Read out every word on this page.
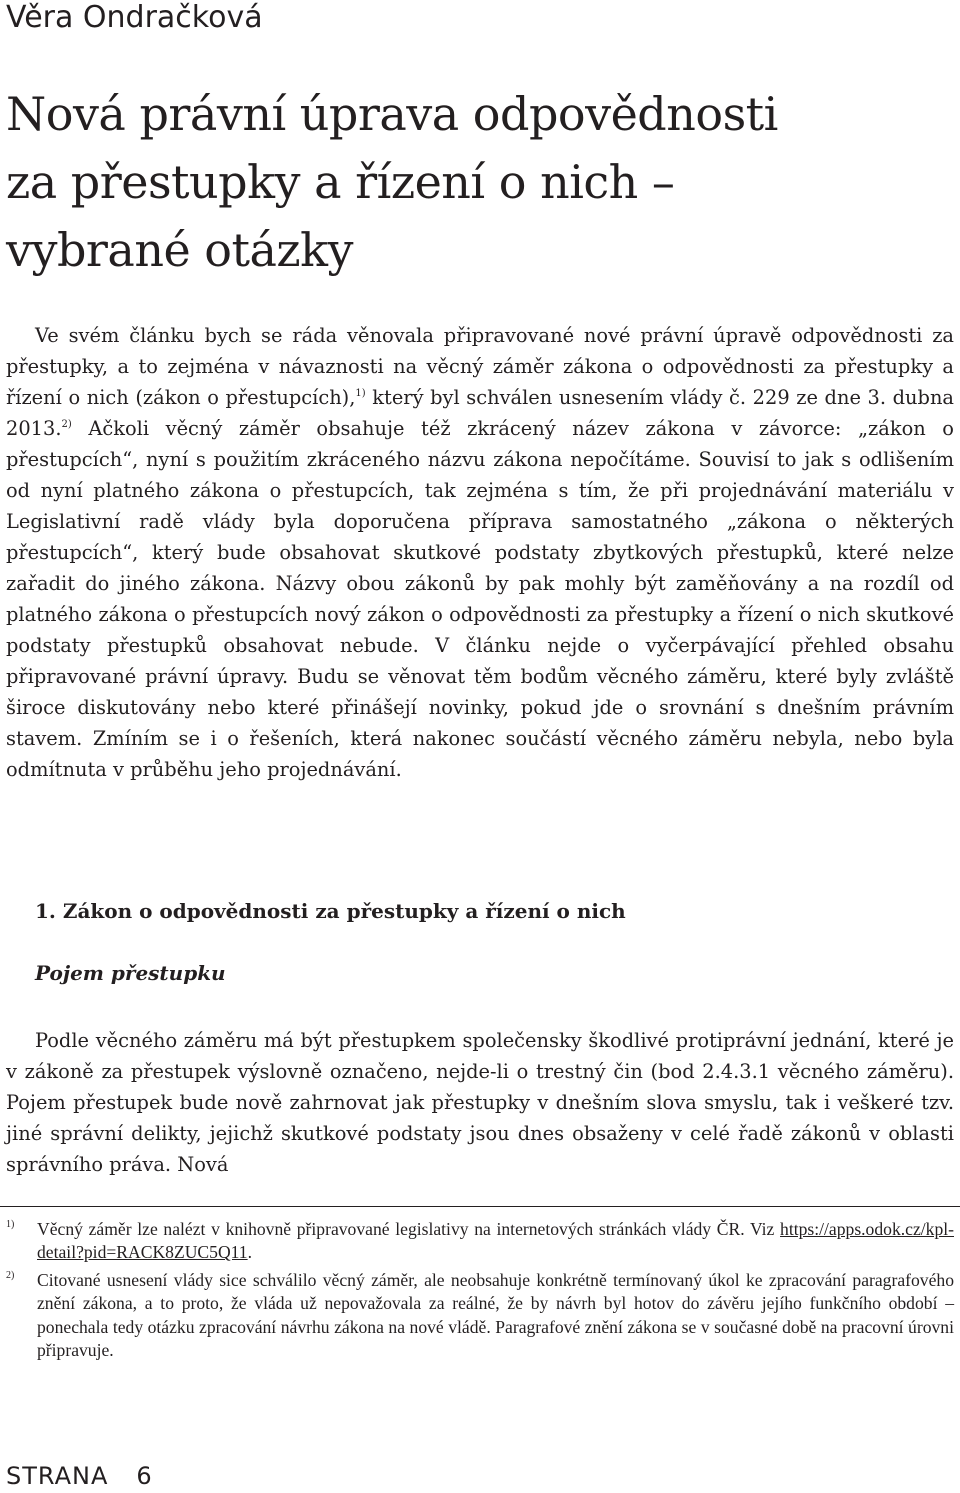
Věra Ondračková
Nová právní úprava odpovědnosti
za přestupky a řízení o nich –
vybrané otázky

Ve svém článku bych se ráda věnovala připravované nové právní úpravě odpovědnosti za přestupky, a to zejména v návaznosti na věcný záměr zákona o odpovědnosti za přestupky a řízení o nich (zákon o přestupcích),$^{1)}$ který byl schválen usnesením vlády č. 229 ze dne 3. dubna 2013.$^{2)}$ Ačkoli věcný záměr obsahuje též zkrácený název zákona v závorce: „zákon o přestupcích“, nyní s použitím zkráceného názvu zákona nepočítáme. Souvisí to jak s odlišením od nyní platného zákona o přestupcích, tak zejména s tím, že při projednávání materiálu v Legislativní radě vlády byla doporučena příprava samostatného „zákona o některých přestupcích“, který bude obsahovat skutkové podstaty zbytkových přestupků, které nelze zařadit do jiného zákona. Názvy obou zákonů by pak mohly být zaměňovány a na rozdíl od platného zákona o přestupcích nový zákon o odpovědnosti za přestupky a řízení o nich skutkové podstaty přestupků obsahovat nebude. V článku nejde o vyčerpávající přehled obsahu připravované právní úpravy. Budu se věnovat těm bodům věcného záměru, které byly zvláště široce diskutovány nebo které přinášejí novinky, pokud jde o srovnání s dnešním právním stavem. Zmíním se i o řešeních, která nakonec součástí věcného záměru nebyla, nebo byla odmítnuta v průběhu jeho projednávání.

1. Zákon o odpovědnosti za přestupky a řízení o nich
Pojem přestupku

Podle věcného záměru má být přestupkem společensky škodlivé protiprávní jednání, které je v zákoně za přestupek výslovně označeno, nejde-li o trestný čin (bod 2.4.3.1 věcného záměru). Pojem přestupek bude nově zahrnovat jak přestupky v dnešním slova smyslu, tak i veškeré tzv. jiné správní delikty, jejichž skutkové podstaty jsou dnes obsaženy v celé řadě zákonů v oblasti správního práva. Nová

1) Věcný záměr lze nalézt v knihovně připravované legislativy na internetových stránkách vlády ČR. Viz https://apps.odok.cz/kpl-detail?pid=RACK8ZUC5Q11.

2) Citované usnesení vlády sice schválilo věcný záměr, ale neobsahuje konkrétně termínovaný úkol ke zpracování paragrafového znění zákona, a to proto, že vláda už nepovažovala za reálné, že by návrh byl hotov do závěru jejího funkčního období – ponechala tedy otázku zpracování návrhu zákona na nové vládě. Paragrafové znění zákona se v současné době na pracovní úrovni připravuje.

STRANA 6
